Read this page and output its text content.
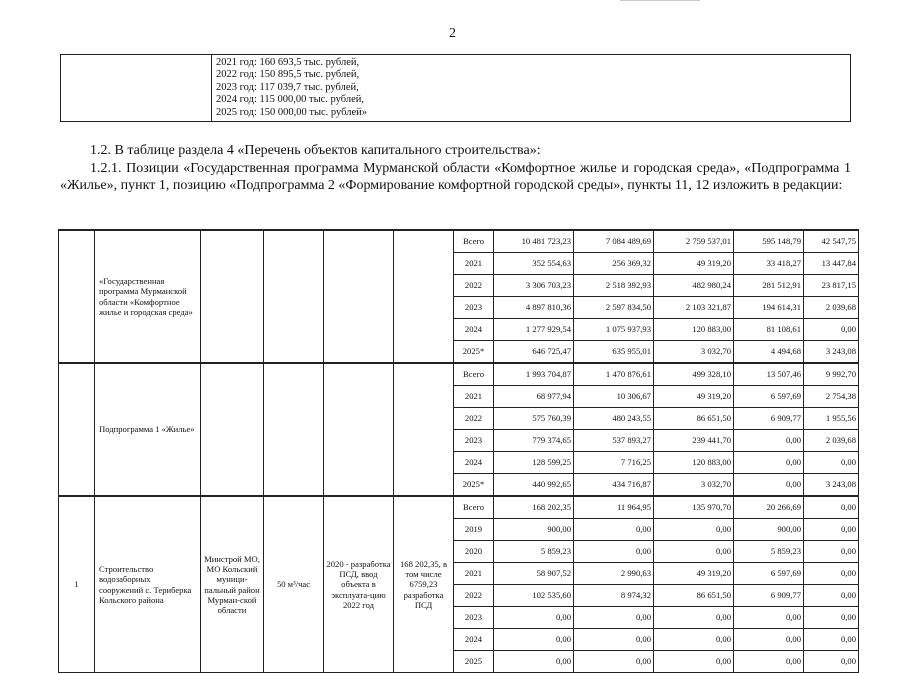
2

2021 год: 160 693,5 тыс. рублей,
2022 год: 150 895,5 тыс. рублей,
2023 год: 117 039,7 тыс. рублей,
2024 год: 115 000,00 тыс. рублей,
2025 год: 150 000,00 тыс. рублей»

1.2. В таблице раздела 4 «Перечень объектов капитального строительства»:

1.2.1. Позиции «Государственная программа Мурманской области «Комфортное жилье и городская среда», «Подпрограмма 1 «Жилье», пункт 1, позицию «Подпрограмма 2 «Формирование комфортной городской среды», пункты 11, 12 изложить в редакции:

	«Государственная программа Мурманской области «Комфортное жилье и городская среда»					Всего	10 481 723,23	7 084 489,69	2 759 537,01	595 148,79	42 547,75
						2021	352 554,63	256 369,32	49 319,20	33 418,27	13 447,84
						2022	3 306 703,23	2 518 392,93	482 980,24	281 512,91	23 817,15
						2023	4 897 810,36	2 597 834,50	2 103 321,87	194 614,31	2 039,68
						2024	1 277 929,54	1 075 937,93	120 883,00	81 108,61	0,00
						2025*	646 725,47	635 955,01	3 032,70	4 494,68	3 243,08
	Подпрограмма 1 «Жилье»					Всего	1 993 704,87	1 470 876,61	499 328,10	13 507,46	9 992,70
						2021	68 977,94	10 306,67	49 319,20	6 597,69	2 754,38
						2022	575 760,39	480 243,55	86 651,50	6 909,77	1 955,56
						2023	779 374,65	537 893,27	239 441,70	0,00	2 039,68
						2024	128 599,25	7 716,25	120 883,00	0,00	0,00
						2025*	440 992,65	434 716,87	3 032,70	0,00	3 243,08
1	Строительство водозаборных сооружений с. Териберка Кольского района	Минстрой МО, МО Кольский муници-пальный район Мурман-ской области	50 м³/час	2020 - разработка ПСД, ввод объекта в эксплуата-цию 2022 год	168 202,35, в том числе 6759,23 разработка ПСД	Всего	168 202,35	11 964,95	135 970,70	20 266,69	0,00
						2019	900,00	0,00	0,00	900,00	0,00
						2020	5 859,23	0,00	0,00	5 859,23	0,00
						2021	58 907,52	2 990,63	49 319,20	6 597,69	0,00
						2022	102 535,60	8 974,32	86 651,50	6 909,77	0,00
						2023	0,00	0,00	0,00	0,00	0,00
						2024	0,00	0,00	0,00	0,00	0,00
						2025	0,00	0,00	0,00	0,00	0,00
